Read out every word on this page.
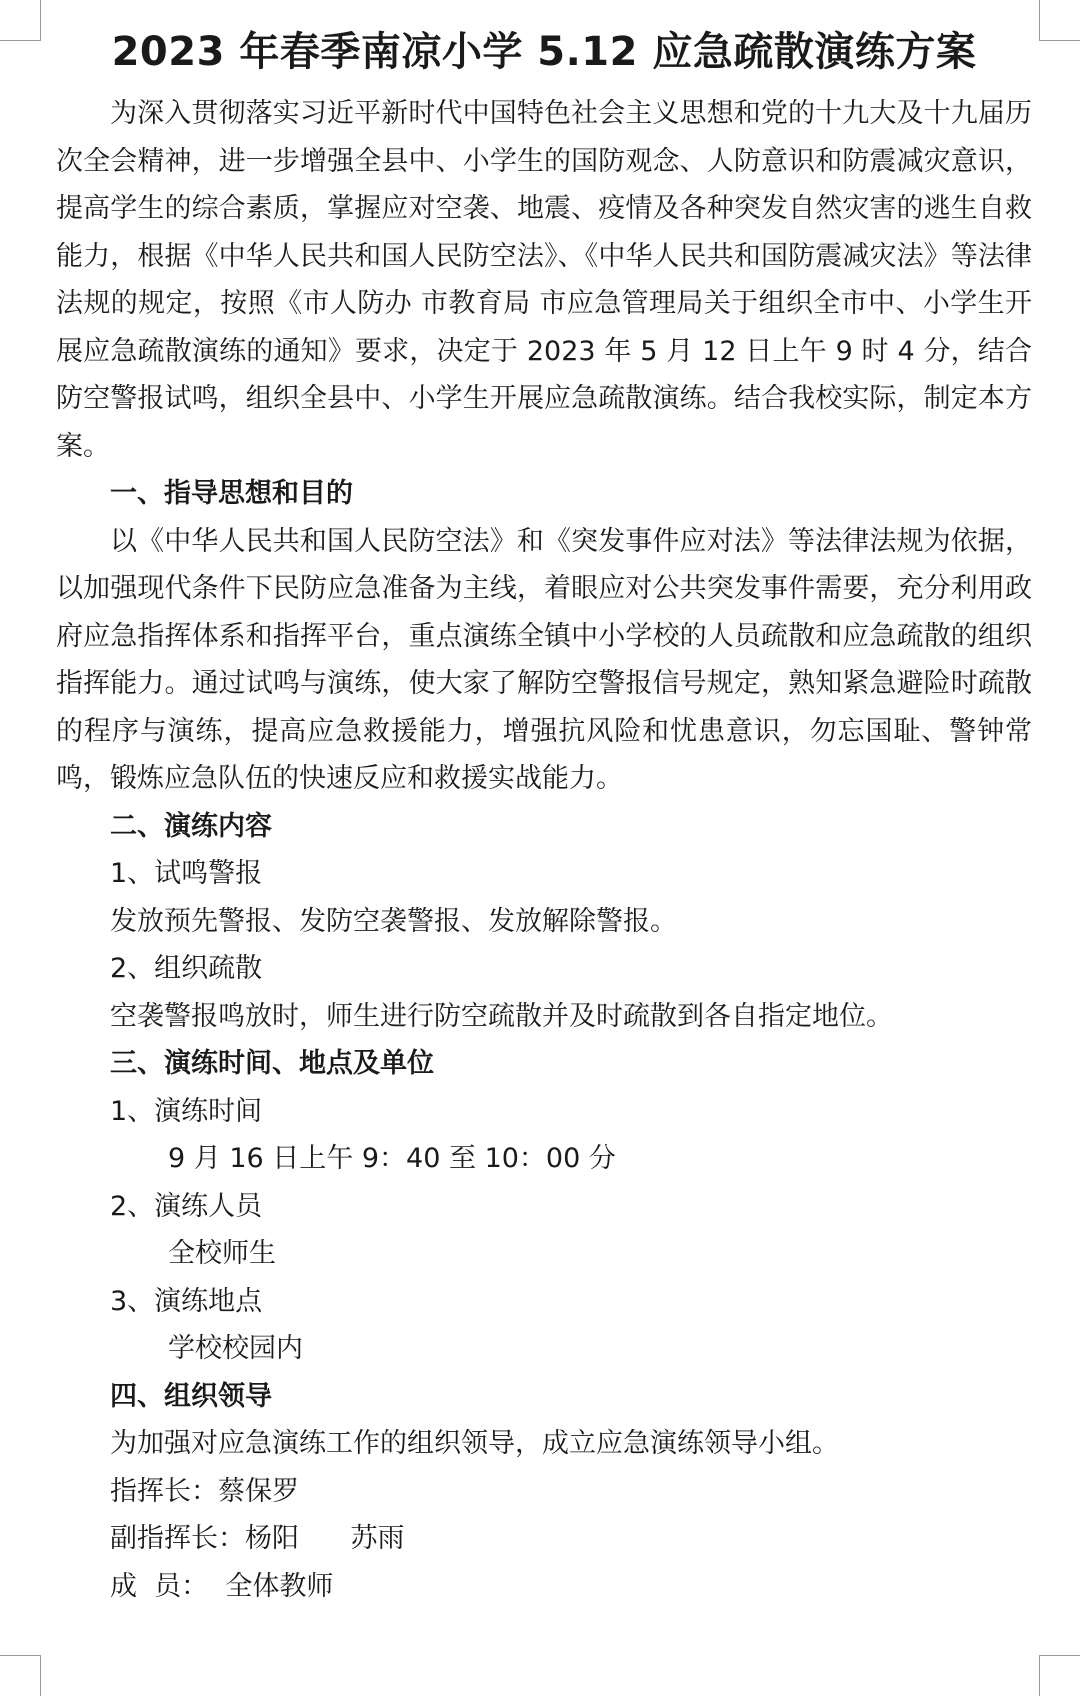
2023 年春季南凉小学 5.12 应急疏散演练方案

为深入贯彻落实习近平新时代中国特色社会主义思想和党的十九大及十九届历次全会精神，进一步增强全县中、小学生的国防观念、人防意识和防震减灾意识，提高学生的综合素质，掌握应对空袭、地震、疫情及各种突发自然灾害的逃生自救能力，根据《中华人民共和国人民防空法》、《中华人民共和国防震减灾法》等法律法规的规定，按照《市人防办 市教育局 市应急管理局关于组织全市中、小学生开展应急疏散演练的通知》要求，决定于 2023 年 5 月 12 日上午 9 时 4 分，结合防空警报试鸣，组织全县中、小学生开展应急疏散演练。结合我校实际，制定本方案。

一、指导思想和目的

以《中华人民共和国人民防空法》和《突发事件应对法》等法律法规为依据，以加强现代条件下民防应急准备为主线，着眼应对公共突发事件需要，充分利用政府应急指挥体系和指挥平台，重点演练全镇中小学校的人员疏散和应急疏散的组织指挥能力。通过试鸣与演练，使大家了解防空警报信号规定，熟知紧急避险时疏散的程序与演练，提高应急救援能力，增强抗风险和忧患意识，勿忘国耻、警钟常鸣，锻炼应急队伍的快速反应和救援实战能力。

二、演练内容

1、试鸣警报

发放预先警报、发防空袭警报、发放解除警报。

2、组织疏散

空袭警报鸣放时，师生进行防空疏散并及时疏散到各自指定地位。

三、演练时间、地点及单位

1、演练时间

9 月 16 日上午 9：40 至 10：00 分

2、演练人员

全校师生

3、演练地点

学校校园内

四、组织领导

为加强对应急演练工作的组织领导，成立应急演练领导小组。

指挥长：蔡保罗

副指挥长：杨阳      苏雨

成  员：  全体教师
